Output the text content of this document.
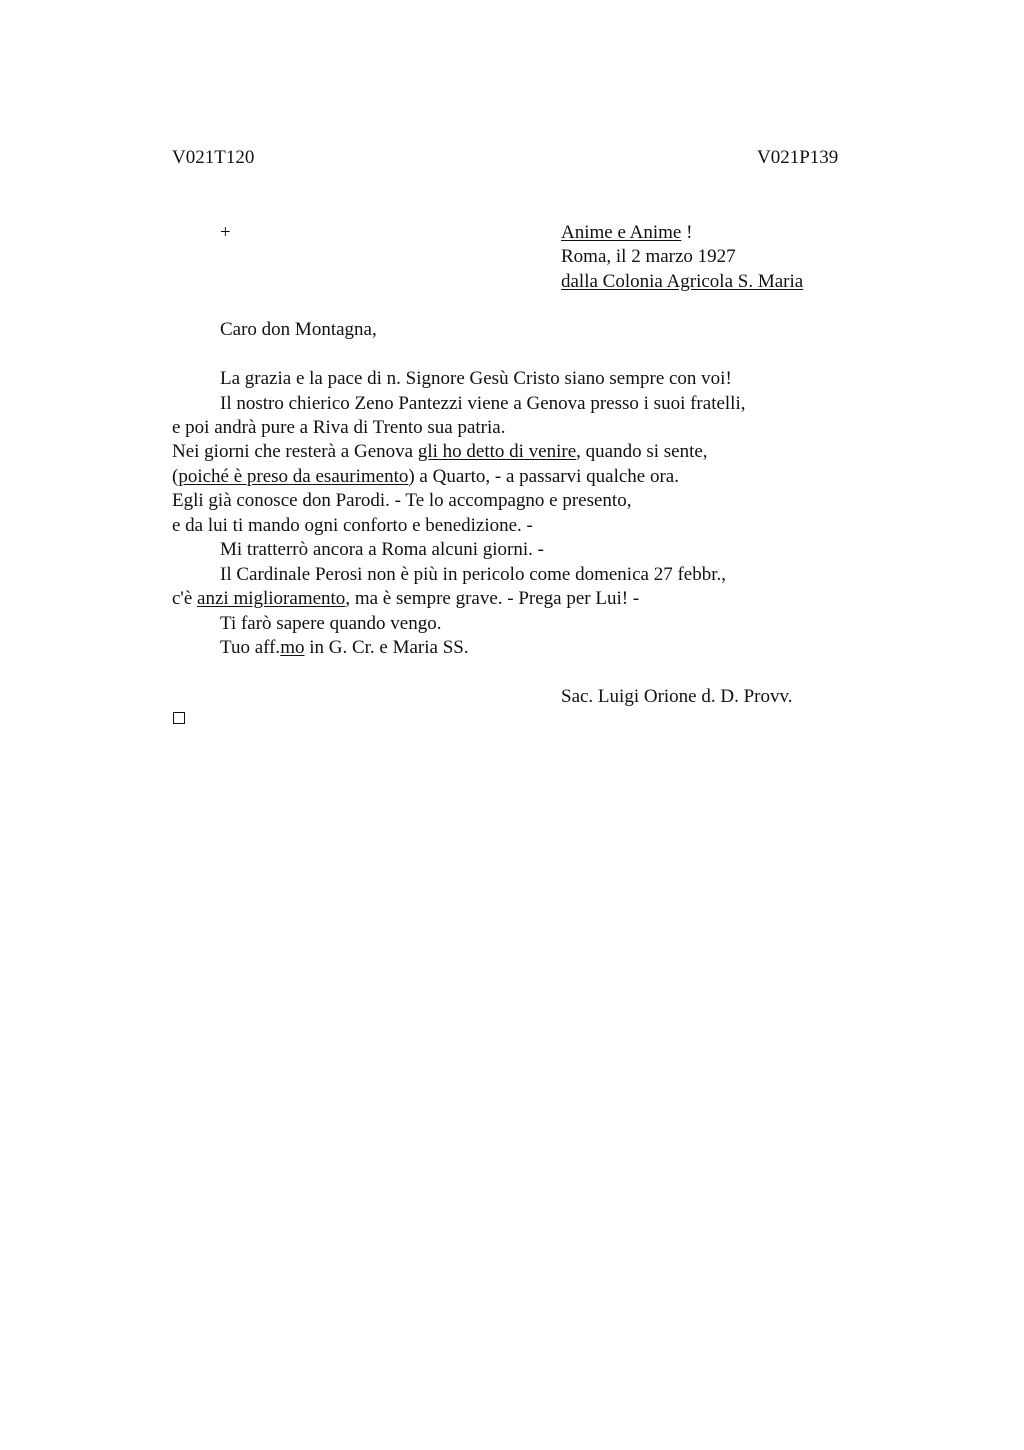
V021T120	V021P139
+	Anime e Anime !
Roma, il 2 marzo 1927
dalla Colonia Agricola S. Maria
Caro don Montagna,
La grazia e la pace di n. Signore Gesù Cristo siano sempre con voi!
Il nostro chierico Zeno Pantezzi viene a Genova presso i suoi fratelli,
e poi andrà pure a Riva di Trento sua patria.
Nei giorni che resterà a Genova gli ho detto di venire, quando si sente,
(poiché è preso da esaurimento) a Quarto, - a passarvi qualche ora.
Egli già conosce don Parodi. - Te lo accompagno e presento,
e da lui ti mando ogni conforto e benedizione. -
Mi tratterrò ancora a Roma alcuni giorni. -
Il Cardinale Perosi non è più in pericolo come domenica 27 febbr.,
c'è anzi miglioramento, ma è sempre grave. - Prega per Lui! -
Ti farò sapere quando vengo.
Tuo aff.mo in G. Cr. e Maria SS.
Sac. Luigi Orione d. D. Provv.
